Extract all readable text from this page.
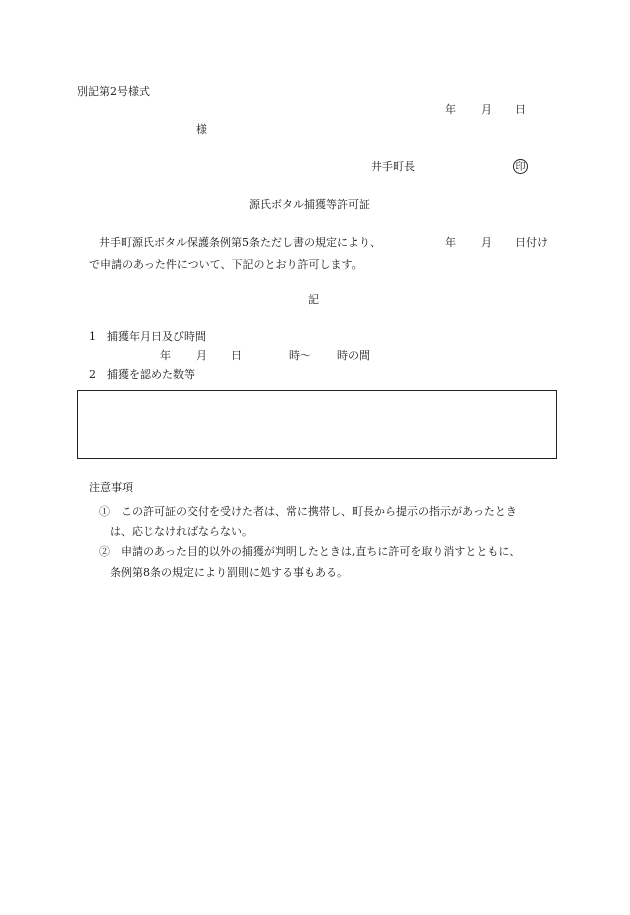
別記第2号様式
年 月 日
様
井手町長	印
源氏ボタル捕獲等許可証
井手町源氏ボタル保護条例第5条ただし書の規定により、	年 月 日付け
で申請のあった件について、下記のとおり許可します。
記
1　捕獲年月日及び時間
年 月 日	時～ 時の間
2　捕獲を認めた数等
注意事項
①　この許可証の交付を受けた者は、常に携帯し、町長から提示の指示があったとき
は、応じなければならない。
②　申請のあった目的以外の捕獲が判明したときは,直ちに許可を取り消すとともに、
条例第8条の規定により罰則に処する事もある。
